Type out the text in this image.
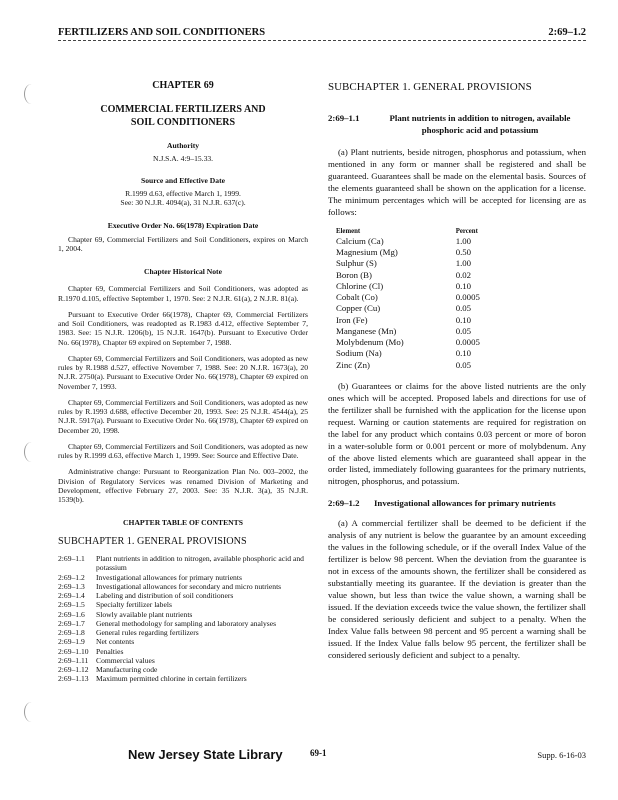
FERTILIZERS AND SOIL CONDITIONERS	2:69–1.2
CHAPTER 69
COMMERCIAL FERTILIZERS AND
SOIL CONDITIONERS
Authority
N.J.S.A. 4:9–15.33.
Source and Effective Date
R.1999 d.63, effective March 1, 1999.
See: 30 N.J.R. 4094(a), 31 N.J.R. 637(c).
Executive Order No. 66(1978) Expiration Date

Chapter 69, Commercial Fertilizers and Soil Conditioners, expires on March 1, 2004.

Chapter Historical Note

Chapter 69, Commercial Fertilizers and Soil Conditioners, was adopted as R.1970 d.105, effective September 1, 1970. See: 2 N.J.R. 61(a), 2 N.J.R. 81(a).

Pursuant to Executive Order 66(1978), Chapter 69, Commercial Fertilizers and Soil Conditioners, was readopted as R.1983 d.412, effective September 7, 1983. See: 15 N.J.R. 1206(b), 15 N.J.R. 1647(b). Pursuant to Executive Order No. 66(1978), Chapter 69 expired on September 7, 1988.

Chapter 69, Commercial Fertilizers and Soil Conditioners, was adopted as new rules by R.1988 d.527, effective November 7, 1988. See: 20 N.J.R. 1673(a), 20 N.J.R. 2750(a). Pursuant to Executive Order No. 66(1978), Chapter 69 expired on November 7, 1993.

Chapter 69, Commercial Fertilizers and Soil Conditioners, was adopted as new rules by R.1993 d.688, effective December 20, 1993. See: 25 N.J.R. 4544(a), 25 N.J.R. 5917(a). Pursuant to Executive Order No. 66(1978), Chapter 69 expired on December 20, 1998.

Chapter 69, Commercial Fertilizers and Soil Conditioners, was adopted as new rules by R.1999 d.63, effective March 1, 1999. See: Source and Effective Date.

Administrative change: Pursuant to Reorganization Plan No. 003–2002, the Division of Regulatory Services was renamed Division of Marketing and Development, effective February 27, 2003. See: 35 N.J.R. 3(a), 35 N.J.R. 1539(b).

CHAPTER TABLE OF CONTENTS
SUBCHAPTER 1. GENERAL PROVISIONS
2:69–1.1	Plant nutrients in addition to nitrogen, available phosphoric acid and potassium
2:69–1.2	Investigational allowances for primary nutrients
2:69–1.3	Investigational allowances for secondary and micro nutrients
2:69–1.4	Labeling and distribution of soil conditioners
2:69–1.5	Specialty fertilizer labels
2:69–1.6	Slowly available plant nutrients
2:69–1.7	General methodology for sampling and laboratory analyses
2:69–1.8	General rules regarding fertilizers
2:69–1.9	Net contents
2:69–1.10 Penalties
2:69–1.11	Commercial values
2:69–1.12 Manufacturing code
2:69–1.13 Maximum permitted chlorine in certain fertilizers
SUBCHAPTER 1. GENERAL PROVISIONS
2:69–1.1	Plant nutrients in addition to nitrogen, available phosphoric acid and potassium

(a) Plant nutrients, beside nitrogen, phosphorus and potassium, when mentioned in any form or manner shall be registered and shall be guaranteed. Guarantees shall be made on the elemental basis. Sources of the elements guaranteed shall be shown on the application for a license. The minimum percentages which will be accepted for licensing are as follows:

Element	Percent
Calcium (Ca)	1.00
Magnesium (Mg)	0.50
Sulphur (S)	1.00
Boron (B)	0.02
Chlorine (Cl)	0.10
Cobalt (Co)	0.0005
Copper (Cu)	0.05
Iron (Fe)	0.10
Manganese (Mn)	0.05
Molybdenum (Mo)	0.0005
Sodium (Na)	0.10
Zinc (Zn)	0.05

(b) Guarantees or claims for the above listed nutrients are the only ones which will be accepted. Proposed labels and directions for use of the fertilizer shall be furnished with the application for the license upon request. Warning or caution statements are required for registration on the label for any product which contains 0.03 percent or more of boron in a water-soluble form or 0.001 percent or more of molybdenum. Any of the above listed elements which are guaranteed shall appear in the order listed, immediately following guarantees for the primary nutrients, nitrogen, phosphorus, and potassium.

2:69–1.2	Investigational allowances for primary nutrients

(a) A commercial fertilizer shall be deemed to be deficient if the analysis of any nutrient is below the guarantee by an amount exceeding the values in the following schedule, or if the overall Index Value of the fertilizer is below 98 percent. When the deviation from the guarantee is not in excess of the amounts shown, the fertilizer shall be considered as substantially meeting its guarantee. If the deviation is greater than the value shown, but less than twice the value shown, a warning shall be issued. If the deviation exceeds twice the value shown, the fertilizer shall be considered seriously deficient and subject to a penalty. When the Index Value falls between 98 percent and 95 percent a warning shall be issued. If the Index Value falls below 95 percent, the fertilizer shall be considered seriously deficient and subject to a penalty.

New Jersey State Library	69-1	Supp. 6-16-03
